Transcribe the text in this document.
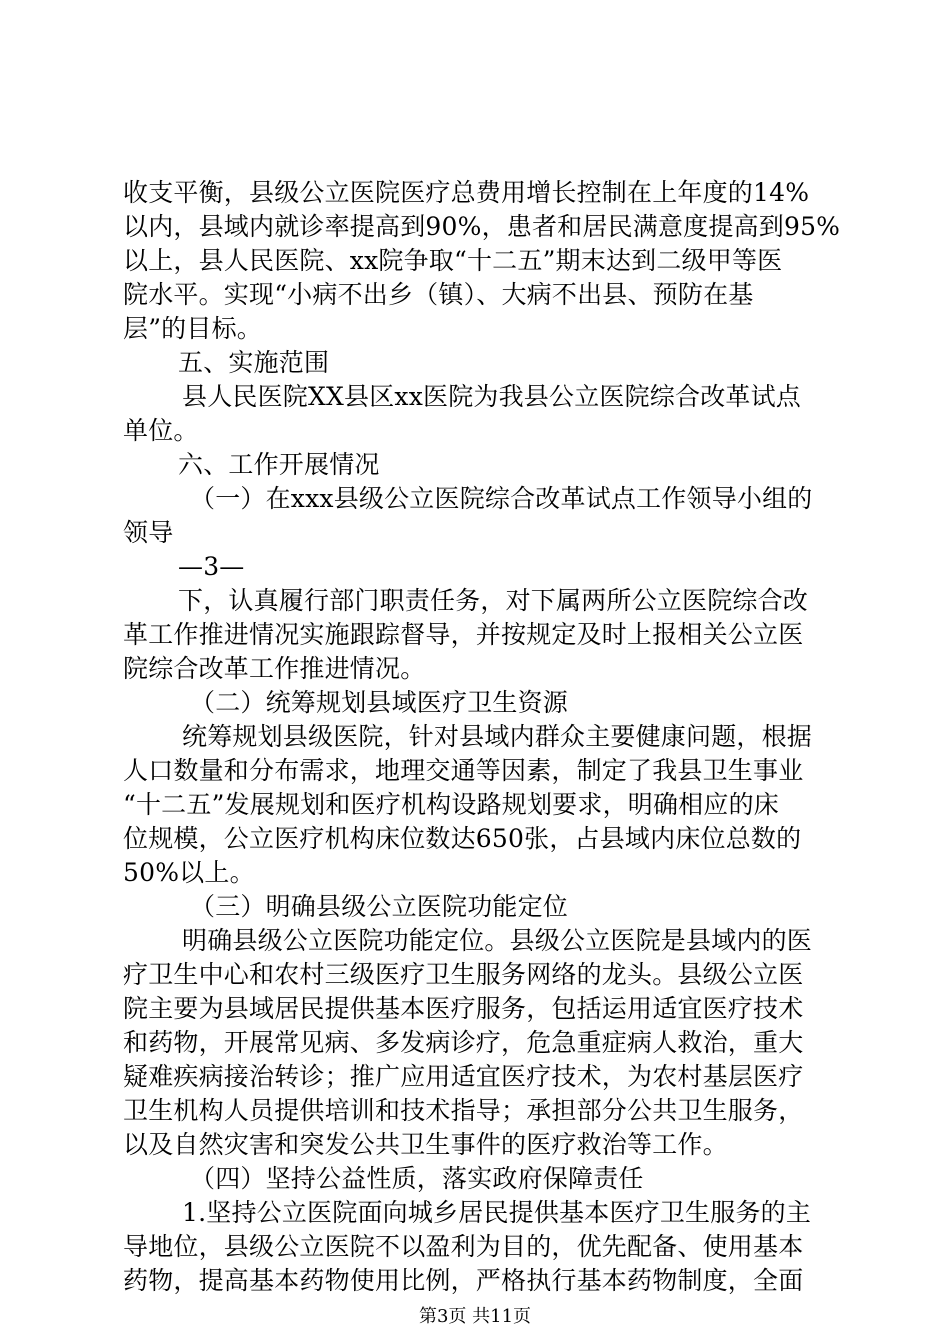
收支平衡，县级公立医院医疗总费用增长控制在上年度的14%
以内，县域内就诊率提高到90%，患者和居民满意度提高到95%
以上，县人民医院、xx院争取“十二五”期末达到二级甲等医
院水平。实现“小病不出乡（镇）、大病不出县、预防在基
层”的目标。
五、实施范围
县人民医院XX县区xx医院为我县公立医院综合改革试点
单位。
六、工作开展情况
（一）在xxx县级公立医院综合改革试点工作领导小组的
领导
—3—
下，认真履行部门职责任务，对下属两所公立医院综合改
革工作推进情况实施跟踪督导，并按规定及时上报相关公立医
院综合改革工作推进情况。
（二）统筹规划县域医疗卫生资源
统筹规划县级医院，针对县域内群众主要健康问题，根据
人口数量和分布需求，地理交通等因素，制定了我县卫生事业
“十二五”发展规划和医疗机构设路规划要求，明确相应的床
位规模，公立医疗机构床位数达650张，占县域内床位总数的
50%以上。
（三）明确县级公立医院功能定位
明确县级公立医院功能定位。县级公立医院是县域内的医
疗卫生中心和农村三级医疗卫生服务网络的龙头。县级公立医
院主要为县域居民提供基本医疗服务，包括运用适宜医疗技术
和药物，开展常见病、多发病诊疗，危急重症病人救治，重大
疑难疾病接治转诊；推广应用适宜医疗技术，为农村基层医疗
卫生机构人员提供培训和技术指导；承担部分公共卫生服务，
以及自然灾害和突发公共卫生事件的医疗救治等工作。
（四）坚持公益性质，落实政府保障责任
1.坚持公立医院面向城乡居民提供基本医疗卫生服务的主
导地位，县级公立医院不以盈利为目的，优先配备、使用基本
药物，提高基本药物使用比例，严格执行基本药物制度，全面
第3页 共11页
